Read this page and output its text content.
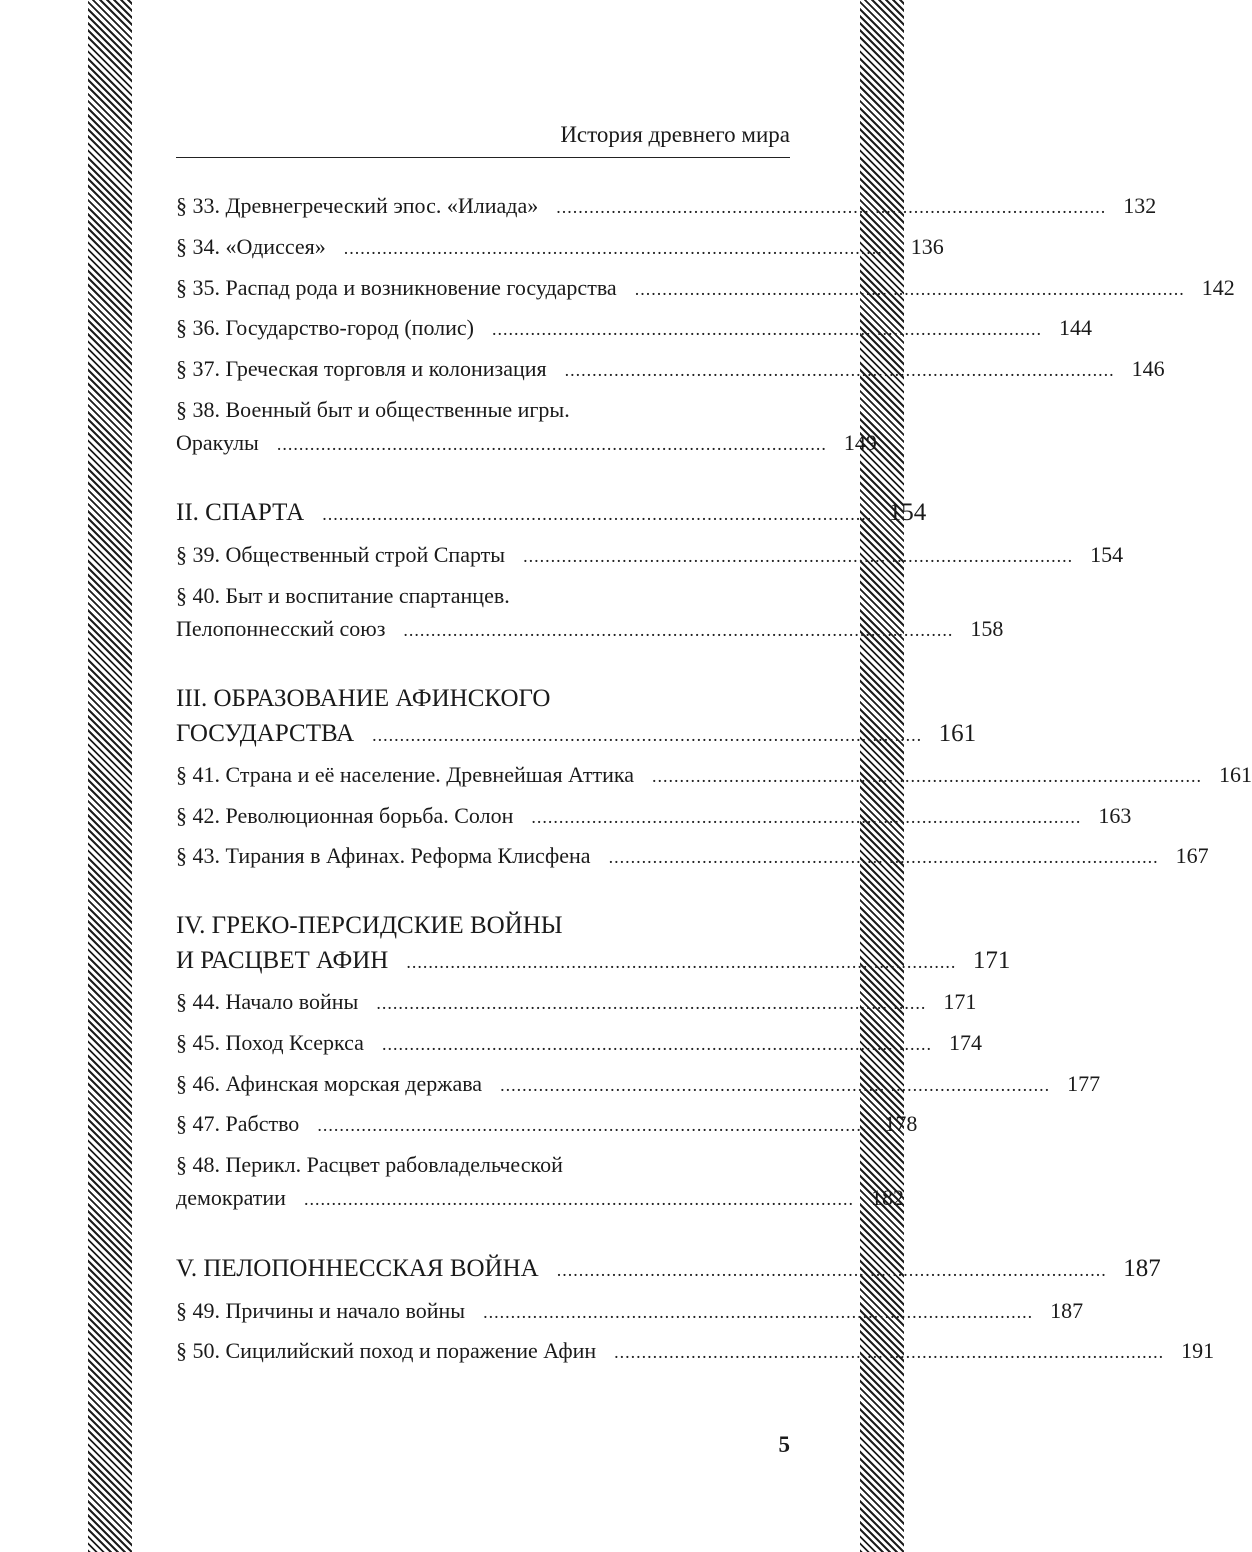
История древнего мира
§ 33. Древнегреческий эпос. «Илиада» .................................................................................................... 132
§ 34. «Одиссея» .................................................................................................... 136
§ 35. Распад рода и возникновение государства .................................................................................................... 142
§ 36. Государство-город (полис) .................................................................................................... 144
§ 37. Греческая торговля и колонизация .................................................................................................... 146
§ 38. Военный быт и общественные игры.
Оракулы .................................................................................................... 149
II. СПАРТА .................................................................................................... 154
§ 39. Общественный строй Спарты .................................................................................................... 154
§ 40. Быт и воспитание спартанцев.
Пелопоннесский союз .................................................................................................... 158
III. ОБРАЗОВАНИЕ АФИНСКОГО
ГОСУДАРСТВА .................................................................................................... 161
§ 41. Страна и её население. Древнейшая Аттика .................................................................................................... 161
§ 42. Революционная борьба. Солон .................................................................................................... 163
§ 43. Тирания в Афинах. Реформа Клисфена .................................................................................................... 167
IV. ГРЕКО-ПЕРСИДСКИЕ ВОЙНЫ
И РАСЦВЕТ АФИН .................................................................................................... 171
§ 44. Начало войны .................................................................................................... 171
§ 45. Поход Ксеркса .................................................................................................... 174
§ 46. Афинская морская держава .................................................................................................... 177
§ 47. Рабство .................................................................................................... 178
§ 48. Перикл. Расцвет рабовладельческой
демократии .................................................................................................... 182
V. ПЕЛОПОННЕССКАЯ ВОЙНА .................................................................................................... 187
§ 49. Причины и начало войны .................................................................................................... 187
§ 50. Сицилийский поход и поражение Афин .................................................................................................... 191
5
